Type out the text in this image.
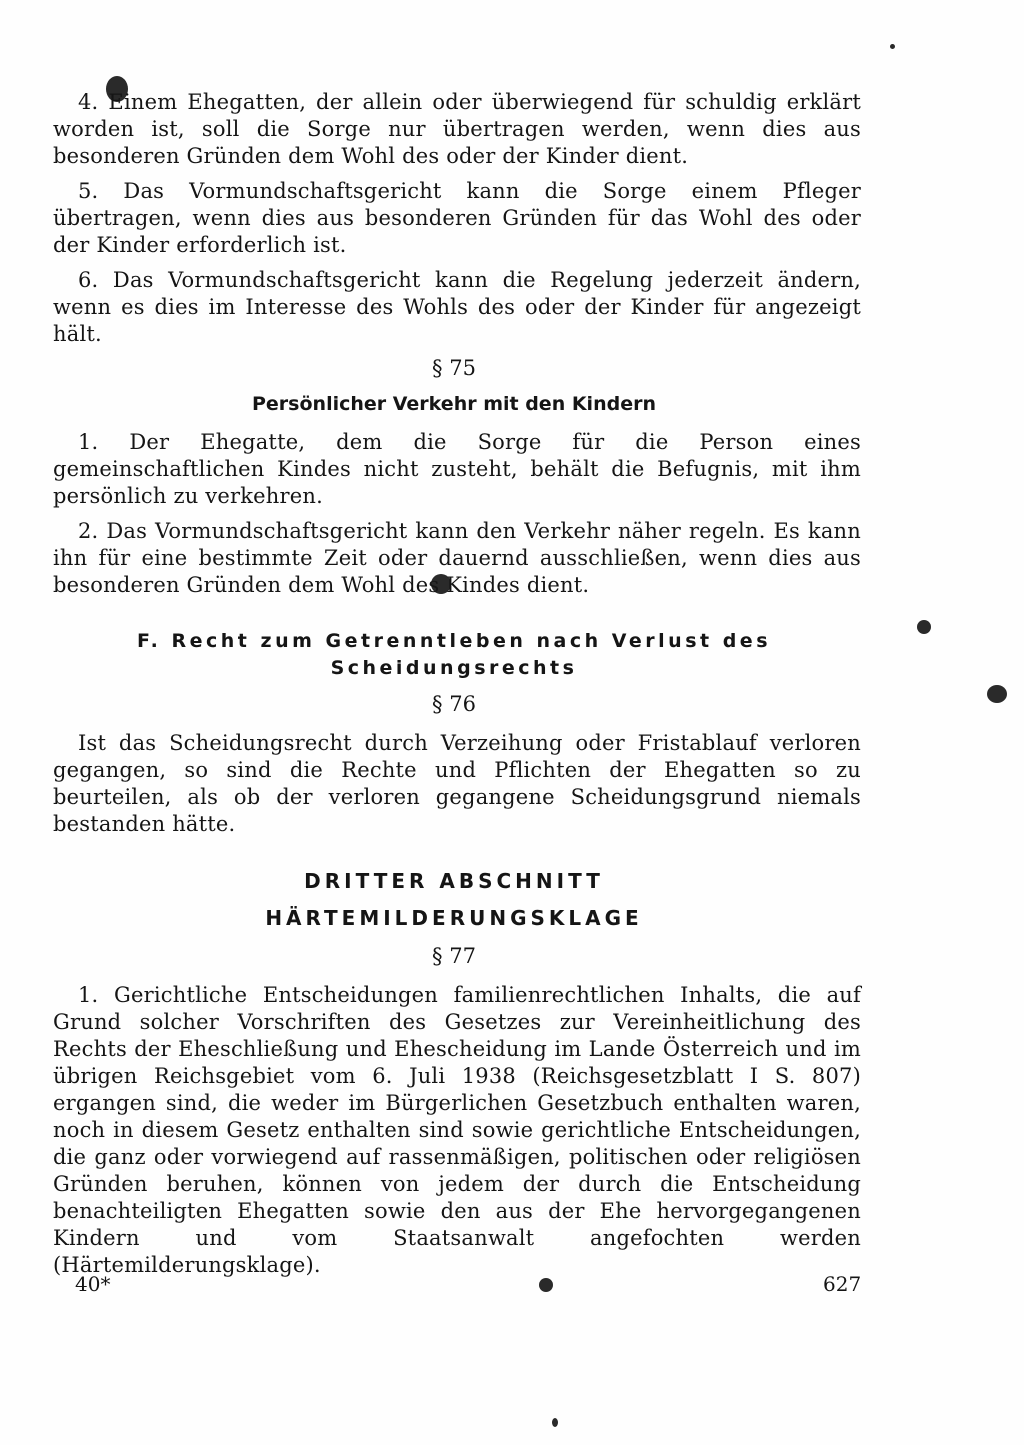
4. Einem Ehegatten, der allein oder überwiegend für schuldig erklärt worden ist, soll die Sorge nur übertragen werden, wenn dies aus besonderen Gründen dem Wohl des oder der Kinder dient.

5. Das Vormundschaftsgericht kann die Sorge einem Pfleger übertragen, wenn dies aus besonderen Gründen für das Wohl des oder der Kinder erforderlich ist.

6. Das Vormundschaftsgericht kann die Regelung jederzeit ändern, wenn es dies im Interesse des Wohls des oder der Kinder für angezeigt hält.

§ 75
Persönlicher Verkehr mit den Kindern

1. Der Ehegatte, dem die Sorge für die Person eines gemeinschaftlichen Kindes nicht zusteht, behält die Befugnis, mit ihm persönlich zu verkehren.

2. Das Vormundschaftsgericht kann den Verkehr näher regeln. Es kann ihn für eine bestimmte Zeit oder dauernd ausschließen, wenn dies aus besonderen Gründen dem Wohl des Kindes dient.

F. Recht zum Getrenntleben nach Verlust des
Scheidungsrechts
§ 76

Ist das Scheidungsrecht durch Verzeihung oder Fristablauf verloren gegangen, so sind die Rechte und Pflichten der Ehegatten so zu beurteilen, als ob der verloren gegangene Scheidungsgrund niemals bestanden hätte.

DRITTER ABSCHNITT
HÄRTEMILDERUNGSKLAGE
§ 77

1. Gerichtliche Entscheidungen familienrechtlichen Inhalts, die auf Grund solcher Vorschriften des Gesetzes zur Vereinheitlichung des Rechts der Eheschließung und Ehescheidung im Lande Österreich und im übrigen Reichsgebiet vom 6. Juli 1938 (Reichsgesetzblatt I S. 807) ergangen sind, die weder im Bürgerlichen Gesetzbuch enthalten waren, noch in diesem Gesetz enthalten sind sowie gerichtliche Entscheidungen, die ganz oder vorwiegend auf rassenmäßigen, politischen oder religiösen Gründen beruhen, können von jedem der durch die Entscheidung benachteiligten Ehegatten sowie den aus der Ehe hervorgegangenen Kindern und vom Staatsanwalt angefochten werden (Härtemilderungsklage).

40*	627
